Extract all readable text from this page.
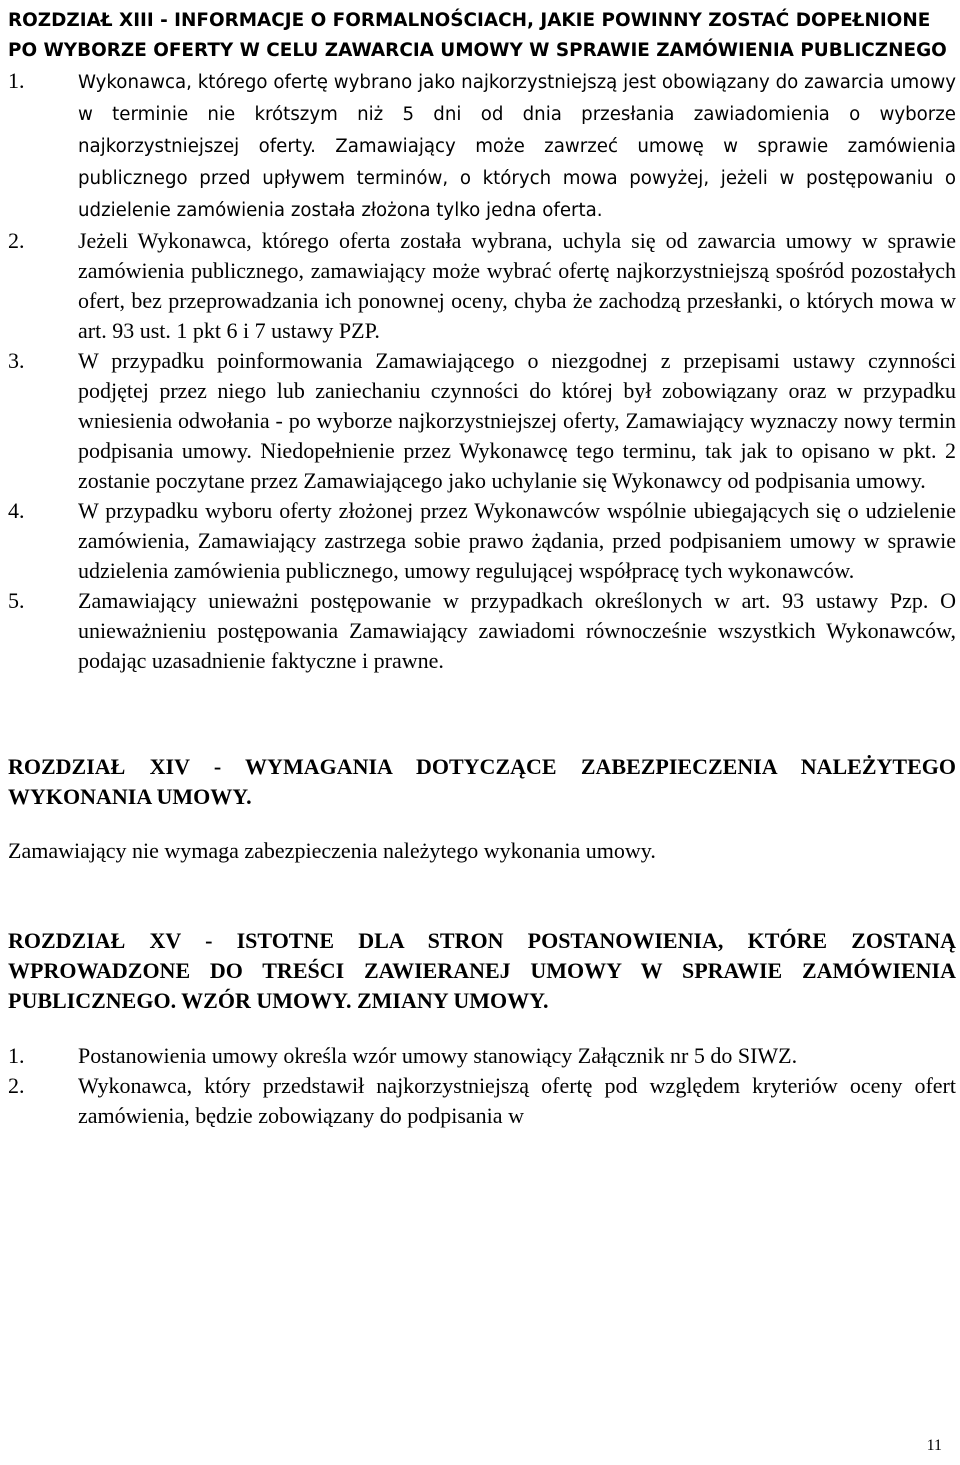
ROZDZIAŁ XIII - INFORMACJE O FORMALNOŚCIACH, JAKIE POWINNY ZOSTAĆ DOPEŁNIONE PO WYBORZE OFERTY W CELU ZAWARCIA UMOWY W SPRAWIE ZAMÓWIENIA PUBLICZNEGO
1.	Wykonawca, którego ofertę wybrano jako najkorzystniejszą jest obowiązany do zawarcia umowy w terminie nie krótszym niż 5 dni od dnia przesłania zawiadomienia o wyborze najkorzystniejszej oferty. Zamawiający może zawrzeć umowę w sprawie zamówienia publicznego przed upływem terminów, o których mowa powyżej, jeżeli w postępowaniu o udzielenie zamówienia została złożona tylko jedna oferta.
2. Jeżeli Wykonawca, którego oferta została wybrana, uchyla się od zawarcia umowy w sprawie zamówienia publicznego, zamawiający może wybrać ofertę najkorzystniejszą spośród pozostałych ofert, bez przeprowadzania ich ponownej oceny, chyba że zachodzą przesłanki, o których mowa w art. 93 ust. 1 pkt 6 i 7 ustawy PZP.
3. W przypadku poinformowania Zamawiającego o niezgodnej z przepisami ustawy czynności podjętej przez niego lub zaniechaniu czynności do której był zobowiązany oraz w przypadku wniesienia odwołania - po wyborze najkorzystniejszej oferty, Zamawiający wyznaczy nowy termin podpisania umowy. Niedopełnienie przez Wykonawcę tego terminu, tak jak to opisano w pkt. 2 zostanie poczytane przez Zamawiającego jako uchylanie się Wykonawcy od podpisania umowy.
4. W przypadku wyboru oferty złożonej przez Wykonawców wspólnie ubiegających się o udzielenie zamówienia, Zamawiający zastrzega sobie prawo żądania, przed podpisaniem umowy w sprawie udzielenia zamówienia publicznego, umowy regulującej współpracę tych wykonawców.
5. Zamawiający unieważni postępowanie w przypadkach określonych w art. 93 ustawy Pzp. O unieważnieniu postępowania Zamawiający zawiadomi równocześnie wszystkich Wykonawców, podając uzasadnienie faktyczne i prawne.
ROZDZIAŁ XIV - WYMAGANIA DOTYCZĄCE ZABEZPIECZENIA NALEŻYTEGO WYKONANIA UMOWY.

Zamawiający nie wymaga zabezpieczenia należytego wykonania umowy.

ROZDZIAŁ XV - ISTOTNE DLA STRON POSTANOWIENIA, KTÓRE ZOSTANĄ WPROWADZONE DO TREŚCI ZAWIERANEJ UMOWY W SPRAWIE ZAMÓWIENIA PUBLICZNEGO. WZÓR UMOWY. ZMIANY UMOWY.
1. Postanowienia umowy określa wzór umowy stanowiący Załącznik nr 5 do SIWZ.
2. Wykonawca, który przedstawił najkorzystniejszą ofertę pod względem kryteriów oceny ofert zamówienia, będzie zobowiązany do podpisania w
11
